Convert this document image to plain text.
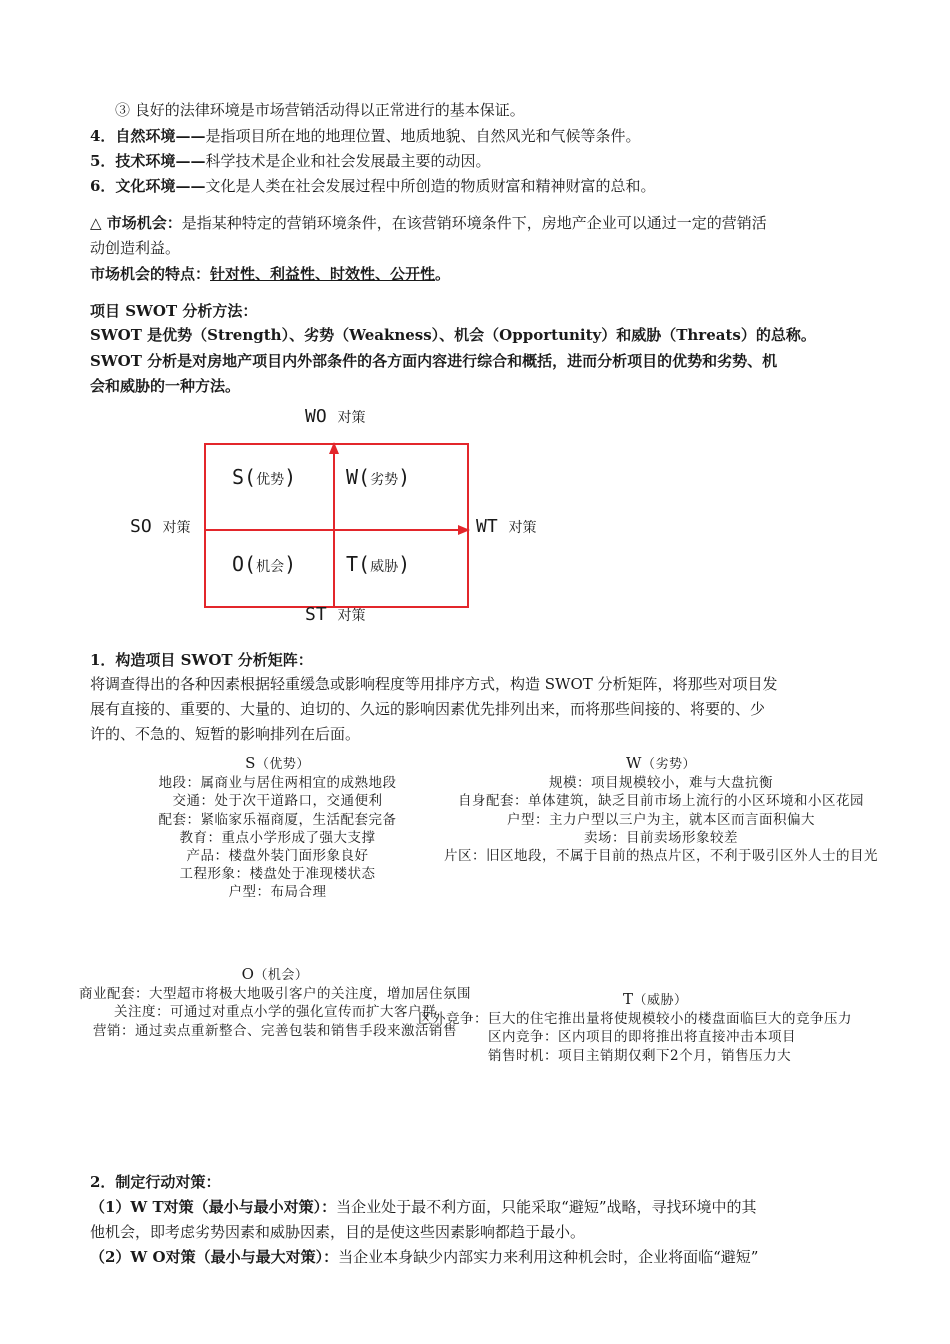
③ 良好的法律环境是市场营销活动得以正常进行的基本保证。
4．自然环境——是指项目所在地的地理位置、地质地貌、自然风光和气候等条件。
5．技术环境——科学技术是企业和社会发展最主要的动因。
6．文化环境——文化是人类在社会发展过程中所创造的物质财富和精神财富的总和。
△ 市场机会：是指某种特定的营销环境条件，在该营销环境条件下，房地产企业可以通过一定的营销活
动创造利益。
市场机会的特点：针对性、利益性、时效性、公开性。
项目 SWOT 分析方法：
SWOT 是优势（Strength）、劣势（Weakness）、机会（Opportunity）和威胁（Threats）的总称。
SWOT 分析是对房地产项目内外部条件的各方面内容进行综合和概括，进而分析项目的优势和劣势、机
会和威胁的一种方法。
WO 对策
SO 对策	WT 对策
ST 对策
S(优势) W(劣势)
O(机会) T(威胁)
1．构造项目 SWOT 分析矩阵：
将调查得出的各种因素根据轻重缓急或影响程度等用排序方式，构造 SWOT 分析矩阵，将那些对项目发
展有直接的、重要的、大量的、迫切的、久远的影响因素优先排列出来，而将那些间接的、将要的、少
许的、不急的、短暂的影响排列在后面。
S（优势）
地段：属商业与居住两相宜的成熟地段
交通：处于次干道路口，交通便利
配套：紧临家乐福商厦，生活配套完备
教育：重点小学形成了强大支撑
产品：楼盘外装门面形象良好
工程形象：楼盘处于准现楼状态
户型：布局合理
W（劣势）
规模：项目规模较小，难与大盘抗衡
自身配套：单体建筑，缺乏目前市场上流行的小区环境和小区花园
户型：主力户型以三户为主，就本区而言面积偏大
卖场：目前卖场形象较差
片区：旧区地段，不属于目前的热点片区，不利于吸引区外人士的目光
O（机会）
商业配套：大型超市将极大地吸引客户的关注度，增加居住氛围
关注度：可通过对重点小学的强化宣传而扩大客户群
营销：通过卖点重新整合、完善包装和销售手段来激活销售
T（威胁）
区外竞争：巨大的住宅推出量将使规模较小的楼盘面临巨大的竞争压力
区内竞争：区内项目的即将推出将直接冲击本项目
销售时机：项目主销期仅剩下2个月，销售压力大
2．制定行动对策：
（1）W T对策（最小与最小对策）：当企业处于最不利方面，只能采取“避短”战略，寻找环境中的其
他机会，即考虑劣势因素和威胁因素，目的是使这些因素影响都趋于最小。
（2）W O对策（最小与最大对策）：当企业本身缺少内部实力来利用这种机会时，企业将面临“避短”
